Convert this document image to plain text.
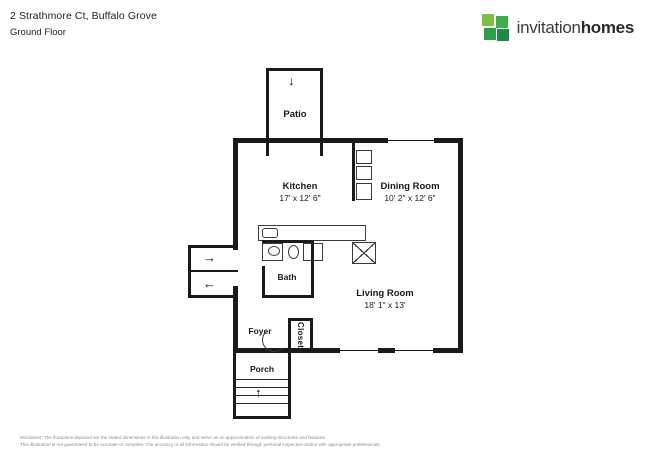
2 Strathmore Ct, Buffalo Grove
Ground Floor	invitationhomes
↓
Patio
→
←
Kitchen
17' x 12' 6"
Dining Room
10' 2" x 12' 6"
Living Room
18' 1" x 13'
Bath
Foyer	Closet
Porch
↑
Disclaimer: The floorplans depicted are the stated dimensions in this illustration only and serve as an approximation of existing structures and features.
This illustration is not guaranteed to be accurate or complete. The accuracy of all information should be verified through personal inspection and/or with appropriate professionals.
